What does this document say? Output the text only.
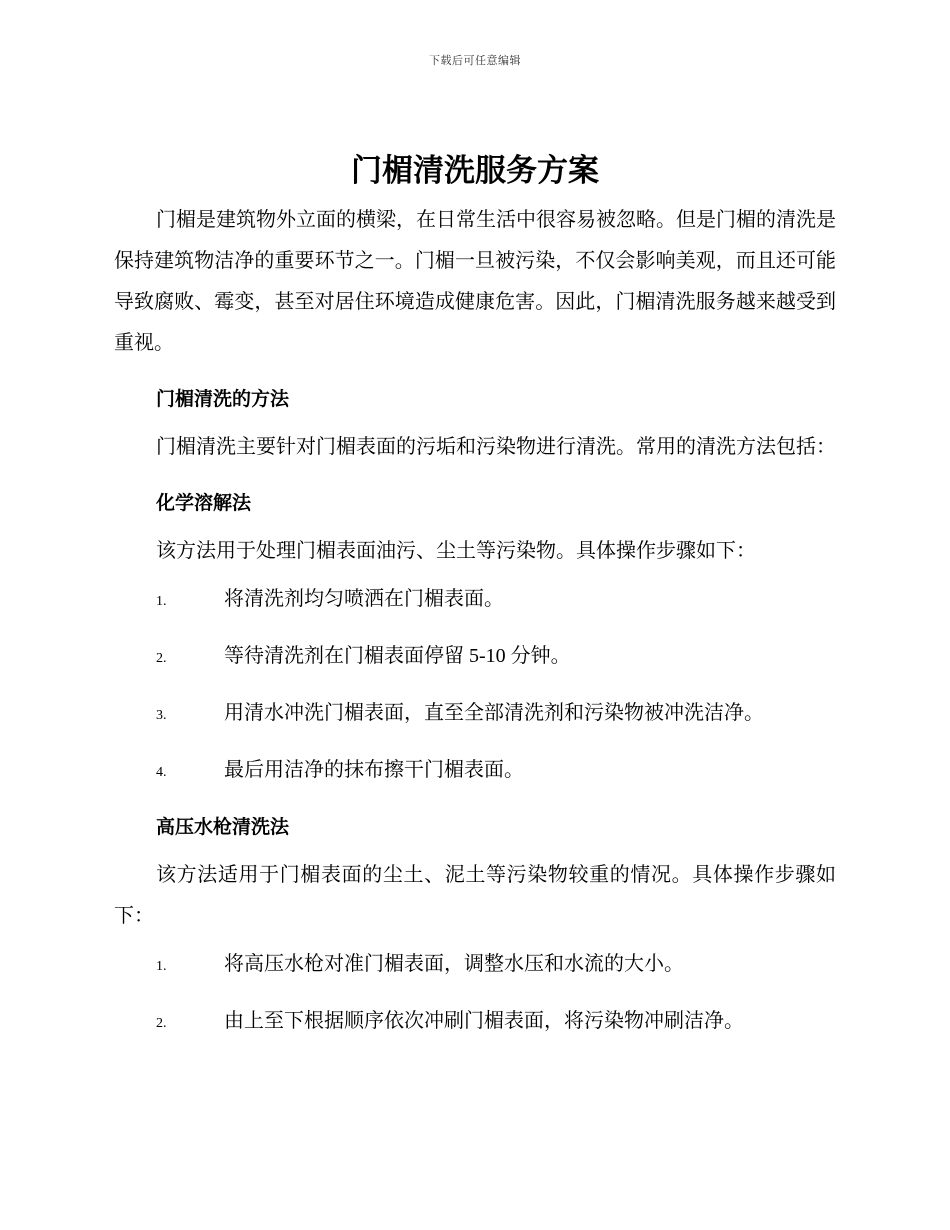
下载后可任意编辑
门楣清洗服务方案

门楣是建筑物外立面的横梁，在日常生活中很容易被忽略。但是门楣的清洗是保持建筑物洁净的重要环节之一。门楣一旦被污染，不仅会影响美观，而且还可能导致腐败、霉变，甚至对居住环境造成健康危害。因此，门楣清洗服务越来越受到重视。

门楣清洗的方法

门楣清洗主要针对门楣表面的污垢和污染物进行清洗。常用的清洗方法包括：

化学溶解法

该方法用于处理门楣表面油污、尘土等污染物。具体操作步骤如下：

1.	将清洗剂均匀喷洒在门楣表面。
2.	等待清洗剂在门楣表面停留 5-10 分钟。
3.	用清水冲洗门楣表面，直至全部清洗剂和污染物被冲洗洁净。
4.	最后用洁净的抹布擦干门楣表面。

高压水枪清洗法

该方法适用于门楣表面的尘土、泥土等污染物较重的情况。具体操作步骤如下：

1.	将高压水枪对准门楣表面，调整水压和水流的大小。
2.	由上至下根据顺序依次冲刷门楣表面，将污染物冲刷洁净。
